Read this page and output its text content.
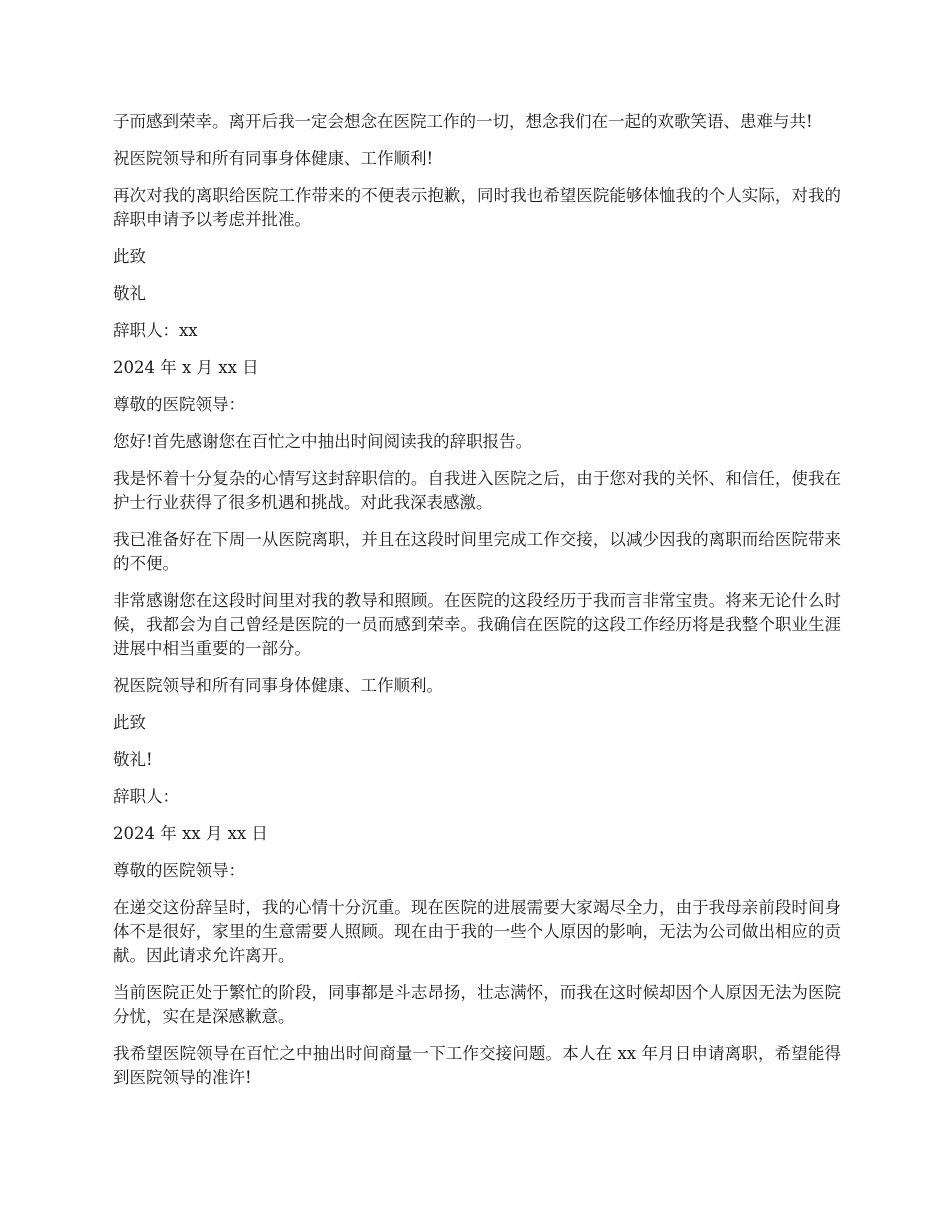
子而感到荣幸。离开后我一定会想念在医院工作的一切，想念我们在一起的欢歌笑语、患难与共!

祝医院领导和所有同事身体健康、工作顺利!

再次对我的离职给医院工作带来的不便表示抱歉，同时我也希望医院能够体恤我的个人实际，对我的辞职申请予以考虑并批准。

此致

敬礼

辞职人：xx

2024 年 x 月 xx 日

尊敬的医院领导：

您好!首先感谢您在百忙之中抽出时间阅读我的辞职报告。

我是怀着十分复杂的心情写这封辞职信的。自我进入医院之后，由于您对我的关怀、和信任，使我在护士行业获得了很多机遇和挑战。对此我深表感激。

我已准备好在下周一从医院离职，并且在这段时间里完成工作交接，以减少因我的离职而给医院带来的不便。

非常感谢您在这段时间里对我的教导和照顾。在医院的这段经历于我而言非常宝贵。将来无论什么时候，我都会为自己曾经是医院的一员而感到荣幸。我确信在医院的这段工作经历将是我整个职业生涯进展中相当重要的一部分。

祝医院领导和所有同事身体健康、工作顺利。

此致

敬礼!

辞职人：

2024 年 xx 月 xx 日

尊敬的医院领导：

在递交这份辞呈时，我的心情十分沉重。现在医院的进展需要大家竭尽全力，由于我母亲前段时间身体不是很好，家里的生意需要人照顾。现在由于我的一些个人原因的影响，无法为公司做出相应的贡献。因此请求允许离开。

当前医院正处于繁忙的阶段，同事都是斗志昂扬，壮志满怀，而我在这时候却因个人原因无法为医院分忧，实在是深感歉意。

我希望医院领导在百忙之中抽出时间商量一下工作交接问题。本人在 xx 年月日申请离职，希望能得到医院领导的准许!
